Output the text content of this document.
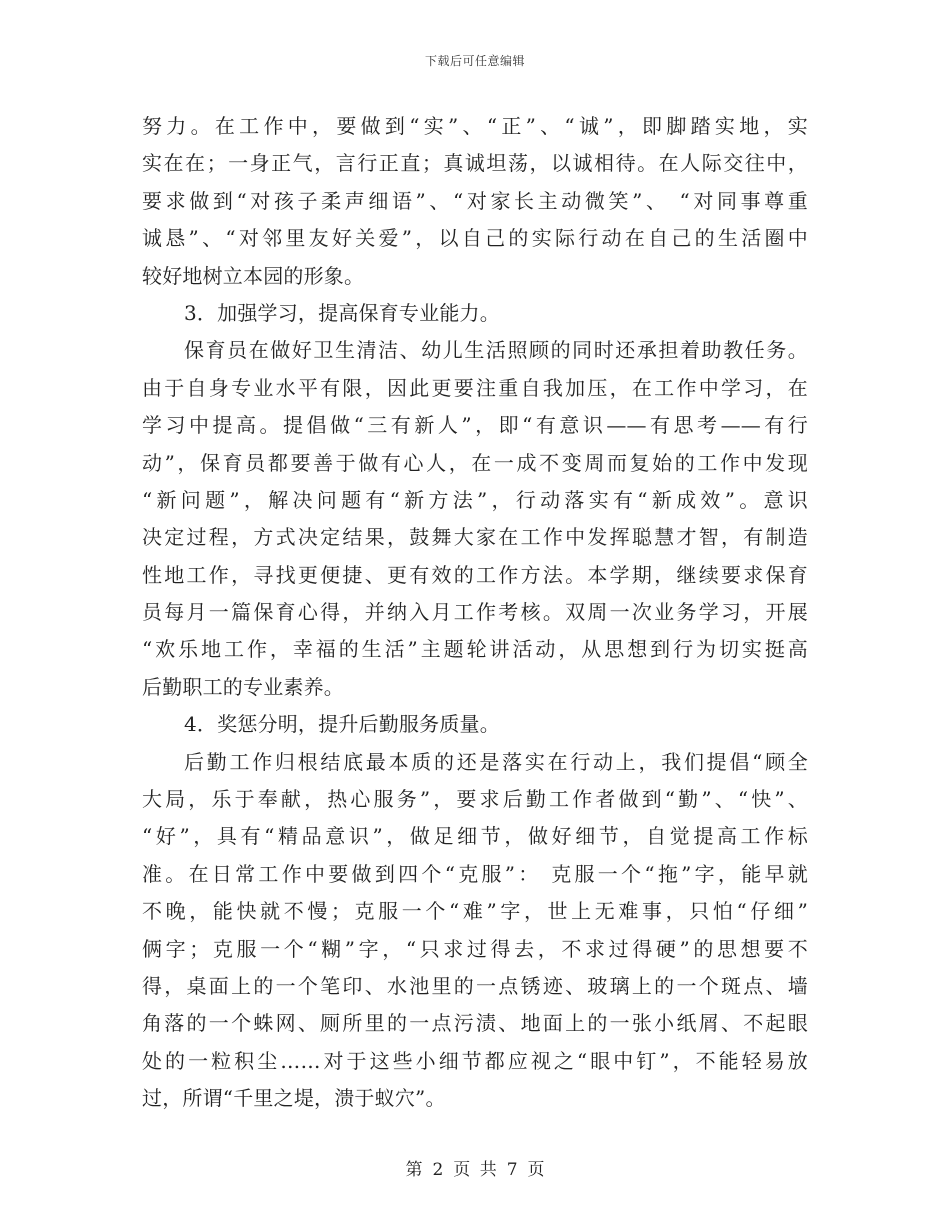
下载后可任意编辑
努力。在工作中，要做到“实”、“正”、“诚”，即脚踏实地，实
实在在；一身正气，言行正直；真诚坦荡，以诚相待。在人际交往中，
要求做到“对孩子柔声细语”、“对家长主动微笑”、 “对同事尊重
诚恳”、“对邻里友好关爱”，以自己的实际行动在自己的生活圈中
较好地树立本园的形象。
3．加强学习，提高保育专业能力。
保育员在做好卫生清洁、幼儿生活照顾的同时还承担着助教任务。
由于自身专业水平有限，因此更要注重自我加压，在工作中学习，在
学习中提高。提倡做“三有新人”，即“有意识——有思考——有行
动”，保育员都要善于做有心人，在一成不变周而复始的工作中发现
“新问题”，解决问题有“新方法”，行动落实有“新成效”。意识
决定过程，方式决定结果，鼓舞大家在工作中发挥聪慧才智，有制造
性地工作，寻找更便捷、更有效的工作方法。本学期，继续要求保育
员每月一篇保育心得，并纳入月工作考核。双周一次业务学习，开展
“欢乐地工作，幸福的生活”主题轮讲活动，从思想到行为切实挺高
后勤职工的专业素养。
4．奖惩分明，提升后勤服务质量。
后勤工作归根结底最本质的还是落实在行动上，我们提倡“顾全
大局，乐于奉献，热心服务”，要求后勤工作者做到“勤”、“快”、
“好”，具有“精品意识”，做足细节，做好细节，自觉提高工作标
准。在日常工作中要做到四个“克服”： 克服一个“拖”字，能早就
不晚，能快就不慢；克服一个“难”字，世上无难事，只怕“仔细”
俩字；克服一个“糊”字，“只求过得去，不求过得硬”的思想要不
得，桌面上的一个笔印、水池里的一点锈迹、玻璃上的一个斑点、墙
角落的一个蛛网、厕所里的一点污渍、地面上的一张小纸屑、不起眼
处的一粒积尘……对于这些小细节都应视之“眼中钉”，不能轻易放
过，所谓“千里之堤，溃于蚁穴”。
第 2 页 共 7 页
